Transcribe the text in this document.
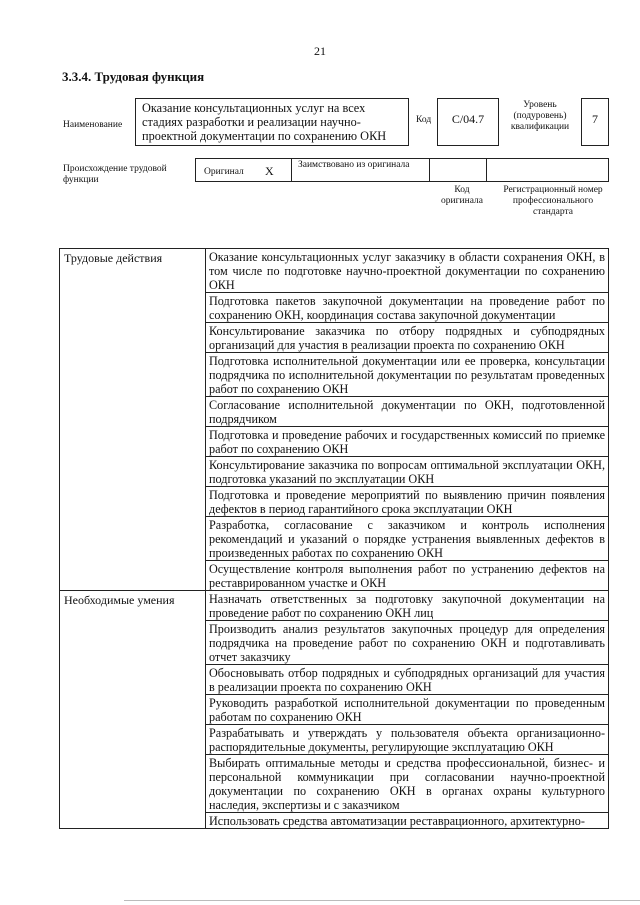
21
3.3.4. Трудовая функция
Наименование
Оказание консультационных услуг на всех стадиях разработки и реализации научно-проектной документации по сохранению ОКН
Код	С/04.7
Уровень (подуровень) квалификации
7
Происхождение трудовой функции
Оригинал X	Заимствовано из оригинала
Код оригинала
Регистрационный номер профессионального стандарта
Трудовые действия	Оказание консультационных услуг заказчику в области сохранения ОКН, в том числе по подготовке научно-проектной документации по сохранению ОКН
	Подготовка пакетов закупочной документации на проведение работ по сохранению ОКН, координация состава закупочной документации
	Консультирование заказчика по отбору подрядных и субподрядных организаций для участия в реализации проекта по сохранению ОКН
	Подготовка исполнительной документации или ее проверка, консультации подрядчика по исполнительной документации по результатам проведенных работ по сохранению ОКН
	Согласование исполнительной документации по ОКН, подготовленной подрядчиком
	Подготовка и проведение рабочих и государственных комиссий по приемке работ по сохранению ОКН
	Консультирование заказчика по вопросам оптимальной эксплуатации ОКН, подготовка указаний по эксплуатации ОКН
	Подготовка и проведение мероприятий по выявлению причин появления дефектов в период гарантийного срока эксплуатации ОКН
	Разработка, согласование с заказчиком и контроль исполнения рекомендаций и указаний о порядке устранения выявленных дефектов в произведенных работах по сохранению ОКН
	Осуществление контроля выполнения работ по устранению дефектов на реставрированном участке и ОКН
Необходимые умения	Назначать ответственных за подготовку закупочной документации на проведение работ по сохранению ОКН лиц
	Производить анализ результатов закупочных процедур для определения подрядчика на проведение работ по сохранению ОКН и подготавливать отчет заказчику
	Обосновывать отбор подрядных и субподрядных организаций для участия в реализации проекта по сохранению ОКН
	Руководить разработкой исполнительной документации по проведенным работам по сохранению ОКН
	Разрабатывать и утверждать у пользователя объекта организационно-распорядительные документы, регулирующие эксплуатацию ОКН
	Выбирать оптимальные методы и средства профессиональной, бизнес- и персональной коммуникации при согласовании научно-проектной документации по сохранению ОКН в органах охраны культурного наследия, экспертизы и с заказчиком
	Использовать средства автоматизации реставрационного, архитектурно-
